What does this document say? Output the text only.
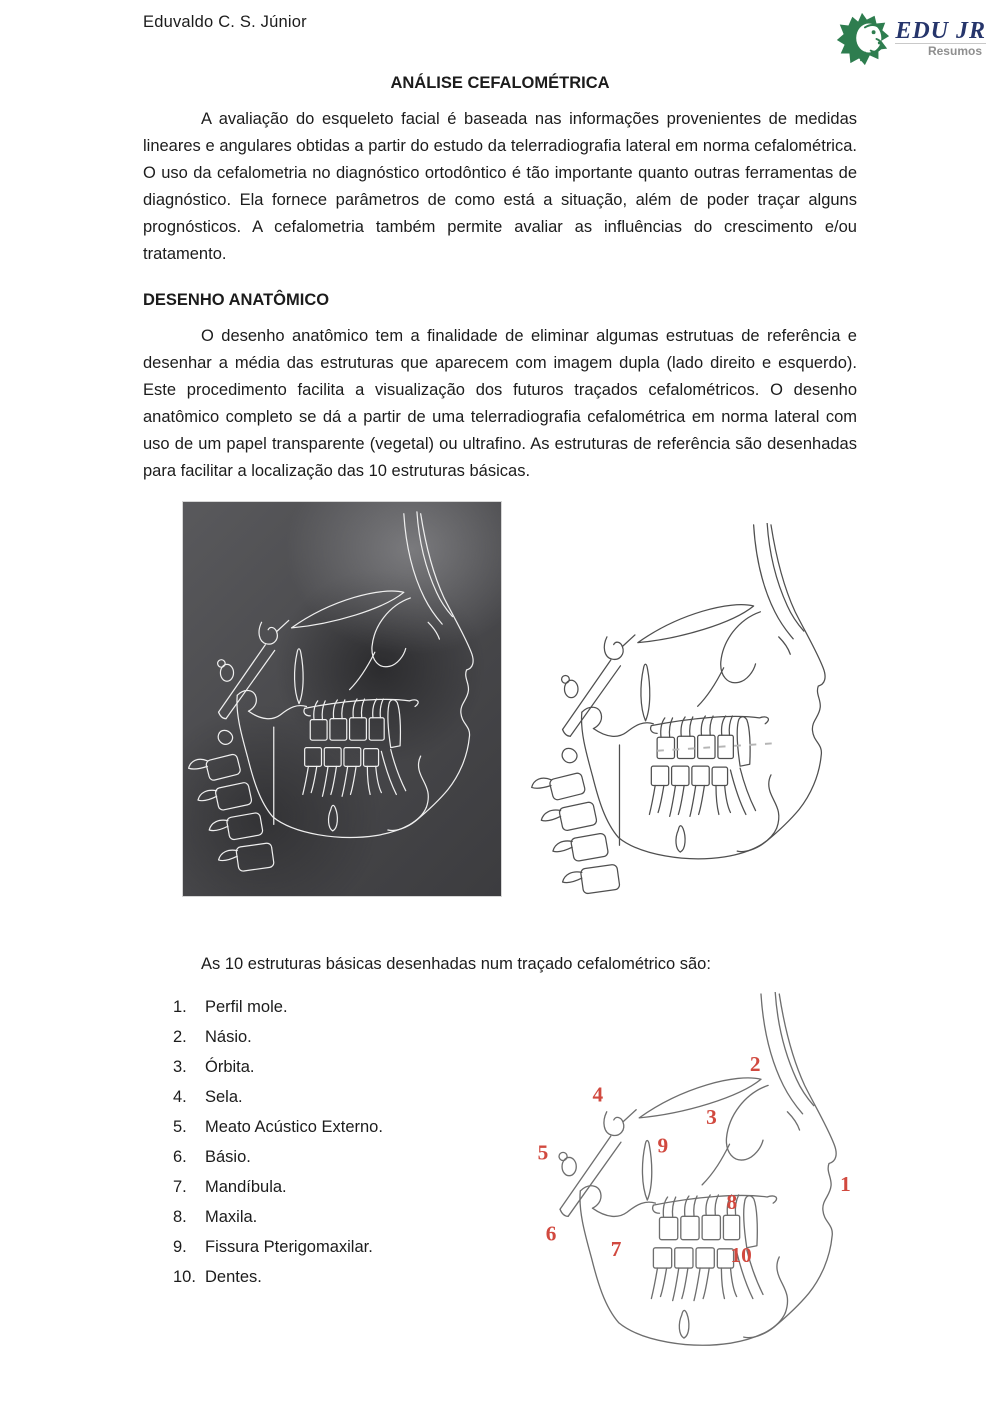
Eduvaldo C. S. Júnior	EDU JR
Resumos
ANÁLISE CEFALOMÉTRICA

A avaliação do esqueleto facial é baseada nas informações provenientes de medidas lineares e angulares obtidas a partir do estudo da telerradiografia lateral em norma cefalométrica. O uso da cefalometria no diagnóstico ortodôntico é tão importante quanto outras ferramentas de diagnóstico. Ela fornece parâmetros de como está a situação, além de poder traçar alguns prognósticos. A cefalometria também permite avaliar as influências do crescimento e/ou tratamento.

DESENHO ANATÔMICO

O desenho anatômico tem a finalidade de eliminar algumas estrutuas de referência e desenhar a média das estruturas que aparecem com imagem dupla (lado direito e esquerdo). Este procedimento facilita a visualização dos futuros traçados cefalométricos. O desenho anatômico completo se dá a partir de uma telerradiografia cefalométrica em norma lateral com uso de um papel transparente (vegetal) ou ultrafino. As estruturas de referência são desenhadas para facilitar a localização das 10 estruturas básicas.

As 10 estruturas básicas desenhadas num traçado cefalométrico são:

1.	Perfil mole.
2.	Násio.
3.	Órbita.
4.	Sela.
5.	Meato Acústico Externo.
6.	Básio.
7.	Mandíbula.
8.	Maxila.
9.	Fissura Pterigomaxilar.
10. Dentes.
1
2
3
4
5
6
7
8
9
10
